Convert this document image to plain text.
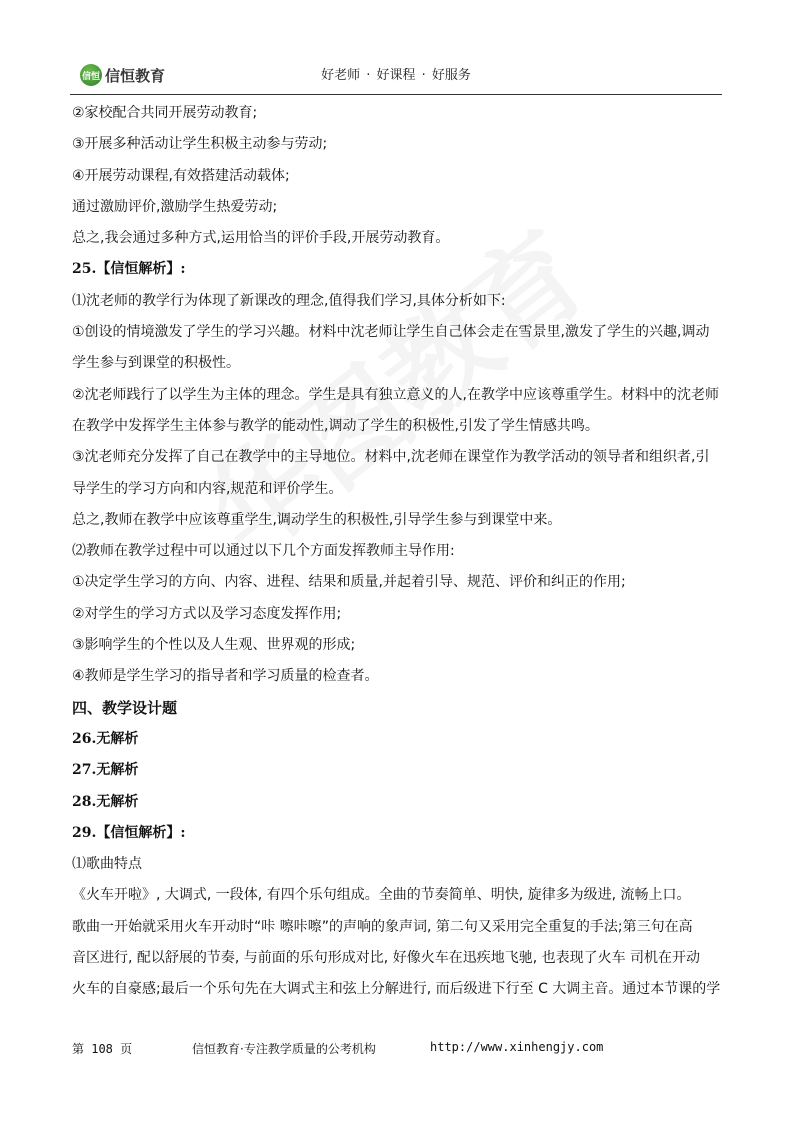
信恒 信恒教育	好老师 · 好课程 · 好服务
②家校配合共同开展劳动教育;
③开展多种活动让学生积极主动参与劳动;
④开展劳动课程,有效搭建活动载体;
通过激励评价,激励学生热爱劳动;
总之,我会通过多种方式,运用恰当的评价手段,开展劳动教育。
25.【信恒解析】:
⑴沈老师的教学行为体现了新课改的理念,值得我们学习,具体分析如下:
①创设的情境激发了学生的学习兴趣。材料中沈老师让学生自己体会走在雪景里,激发了学生的兴趣,调动
学生参与到课堂的积极性。
②沈老师践行了以学生为主体的理念。学生是具有独立意义的人,在教学中应该尊重学生。材料中的沈老师
在教学中发挥学生主体参与教学的能动性,调动了学生的积极性,引发了学生情感共鸣。
③沈老师充分发挥了自己在教学中的主导地位。材料中,沈老师在课堂作为教学活动的领导者和组织者,引
导学生的学习方向和内容,规范和评价学生。
总之,教师在教学中应该尊重学生,调动学生的积极性,引导学生参与到课堂中来。
⑵教师在教学过程中可以通过以下几个方面发挥教师主导作用:
①决定学生学习的方向、内容、进程、结果和质量,并起着引导、规范、评价和纠正的作用;
②对学生的学习方式以及学习态度发挥作用;
③影响学生的个性以及人生观、世界观的形成;
④教师是学生学习的指导者和学习质量的检查者。
四、教学设计题
26.无解析
27.无解析
28.无解析
29.【信恒解析】:
⑴歌曲特点
《火车开啦》, 大调式, 一段体, 有四个乐句组成。全曲的节奏简单、明快, 旋律多为级进, 流畅上口。
歌曲一开始就采用火车开动时“咔 嚓咔嚓”的声响的象声词, 第二句又采用完全重复的手法;第三句在高
音区进行, 配以舒展的节奏, 与前面的乐句形成对比, 好像火车在迅疾地飞驰, 也表现了火车 司机在开动
火车的自豪感;最后一个乐句先在大调式主和弦上分解进行, 而后级进下行至 C 大调主音。通过本节课的学
第 108 页	信恒教育·专注教学质量的公考机构	http://www.xinhengjy.com
